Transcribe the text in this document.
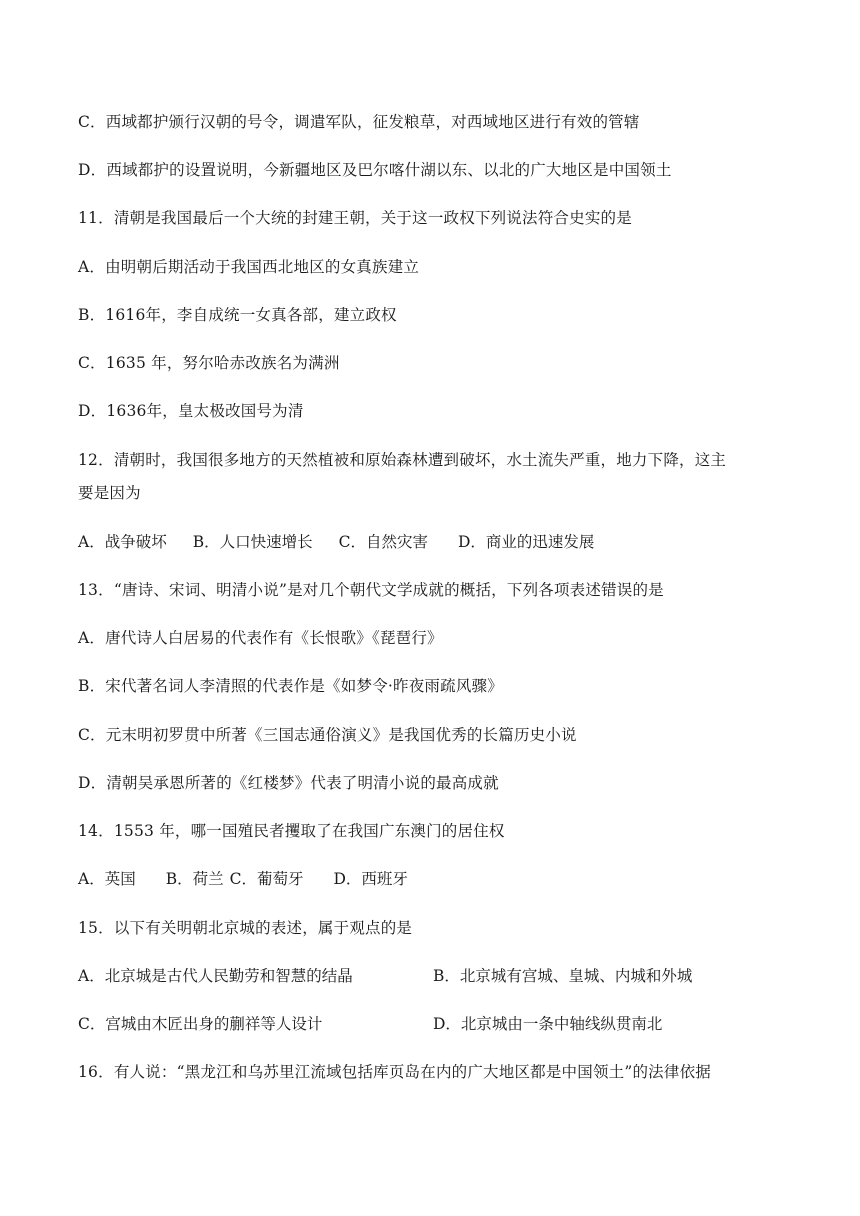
C．西域都护颁行汉朝的号令，调遣军队，征发粮草，对西域地区进行有效的管辖
D．西域都护的设置说明，今新疆地区及巴尔喀什湖以东、以北的广大地区是中国领土
11．清朝是我国最后一个大统的封建王朝，关于这一政权下列说法符合史实的是
A．由明朝后期活动于我国西北地区的女真族建立
B．1616年，李自成统一女真各部，建立政权
C．1635 年，努尔哈赤改族名为满洲
D．1636年，皇太极改国号为清
12．清朝时，我国很多地方的天然植被和原始森林遭到破坏，水土流失严重，地力下降，这主
要是因为
A．战争破坏 B．人口快速增长 C．自然灾害 D．商业的迅速发展
13．“唐诗、宋词、明清小说”是对几个朝代文学成就的概括，下列各项表述错误的是
A．唐代诗人白居易的代表作有《长恨歌》《琵琶行》
B．宋代著名词人李清照的代表作是《如梦令·昨夜雨疏风骤》
C．元末明初罗贯中所著《三国志通俗演义》是我国优秀的长篇历史小说
D．清朝吴承恩所著的《红楼梦》代表了明清小说的最高成就
14．1553 年，哪一国殖民者攫取了在我国广东澳门的居住权
A．英国 B．荷兰 C．葡萄牙 D．西班牙
15．以下有关明朝北京城的表述，属于观点的是
A．北京城是古代人民勤劳和智慧的结晶	B．北京城有宫城、皇城、内城和外城
C．宫城由木匠出身的蒯祥等人设计	D．北京城由一条中轴线纵贯南北
16．有人说：“黑龙江和乌苏里江流域包括库页岛在内的广大地区都是中国领土”的法律依据
